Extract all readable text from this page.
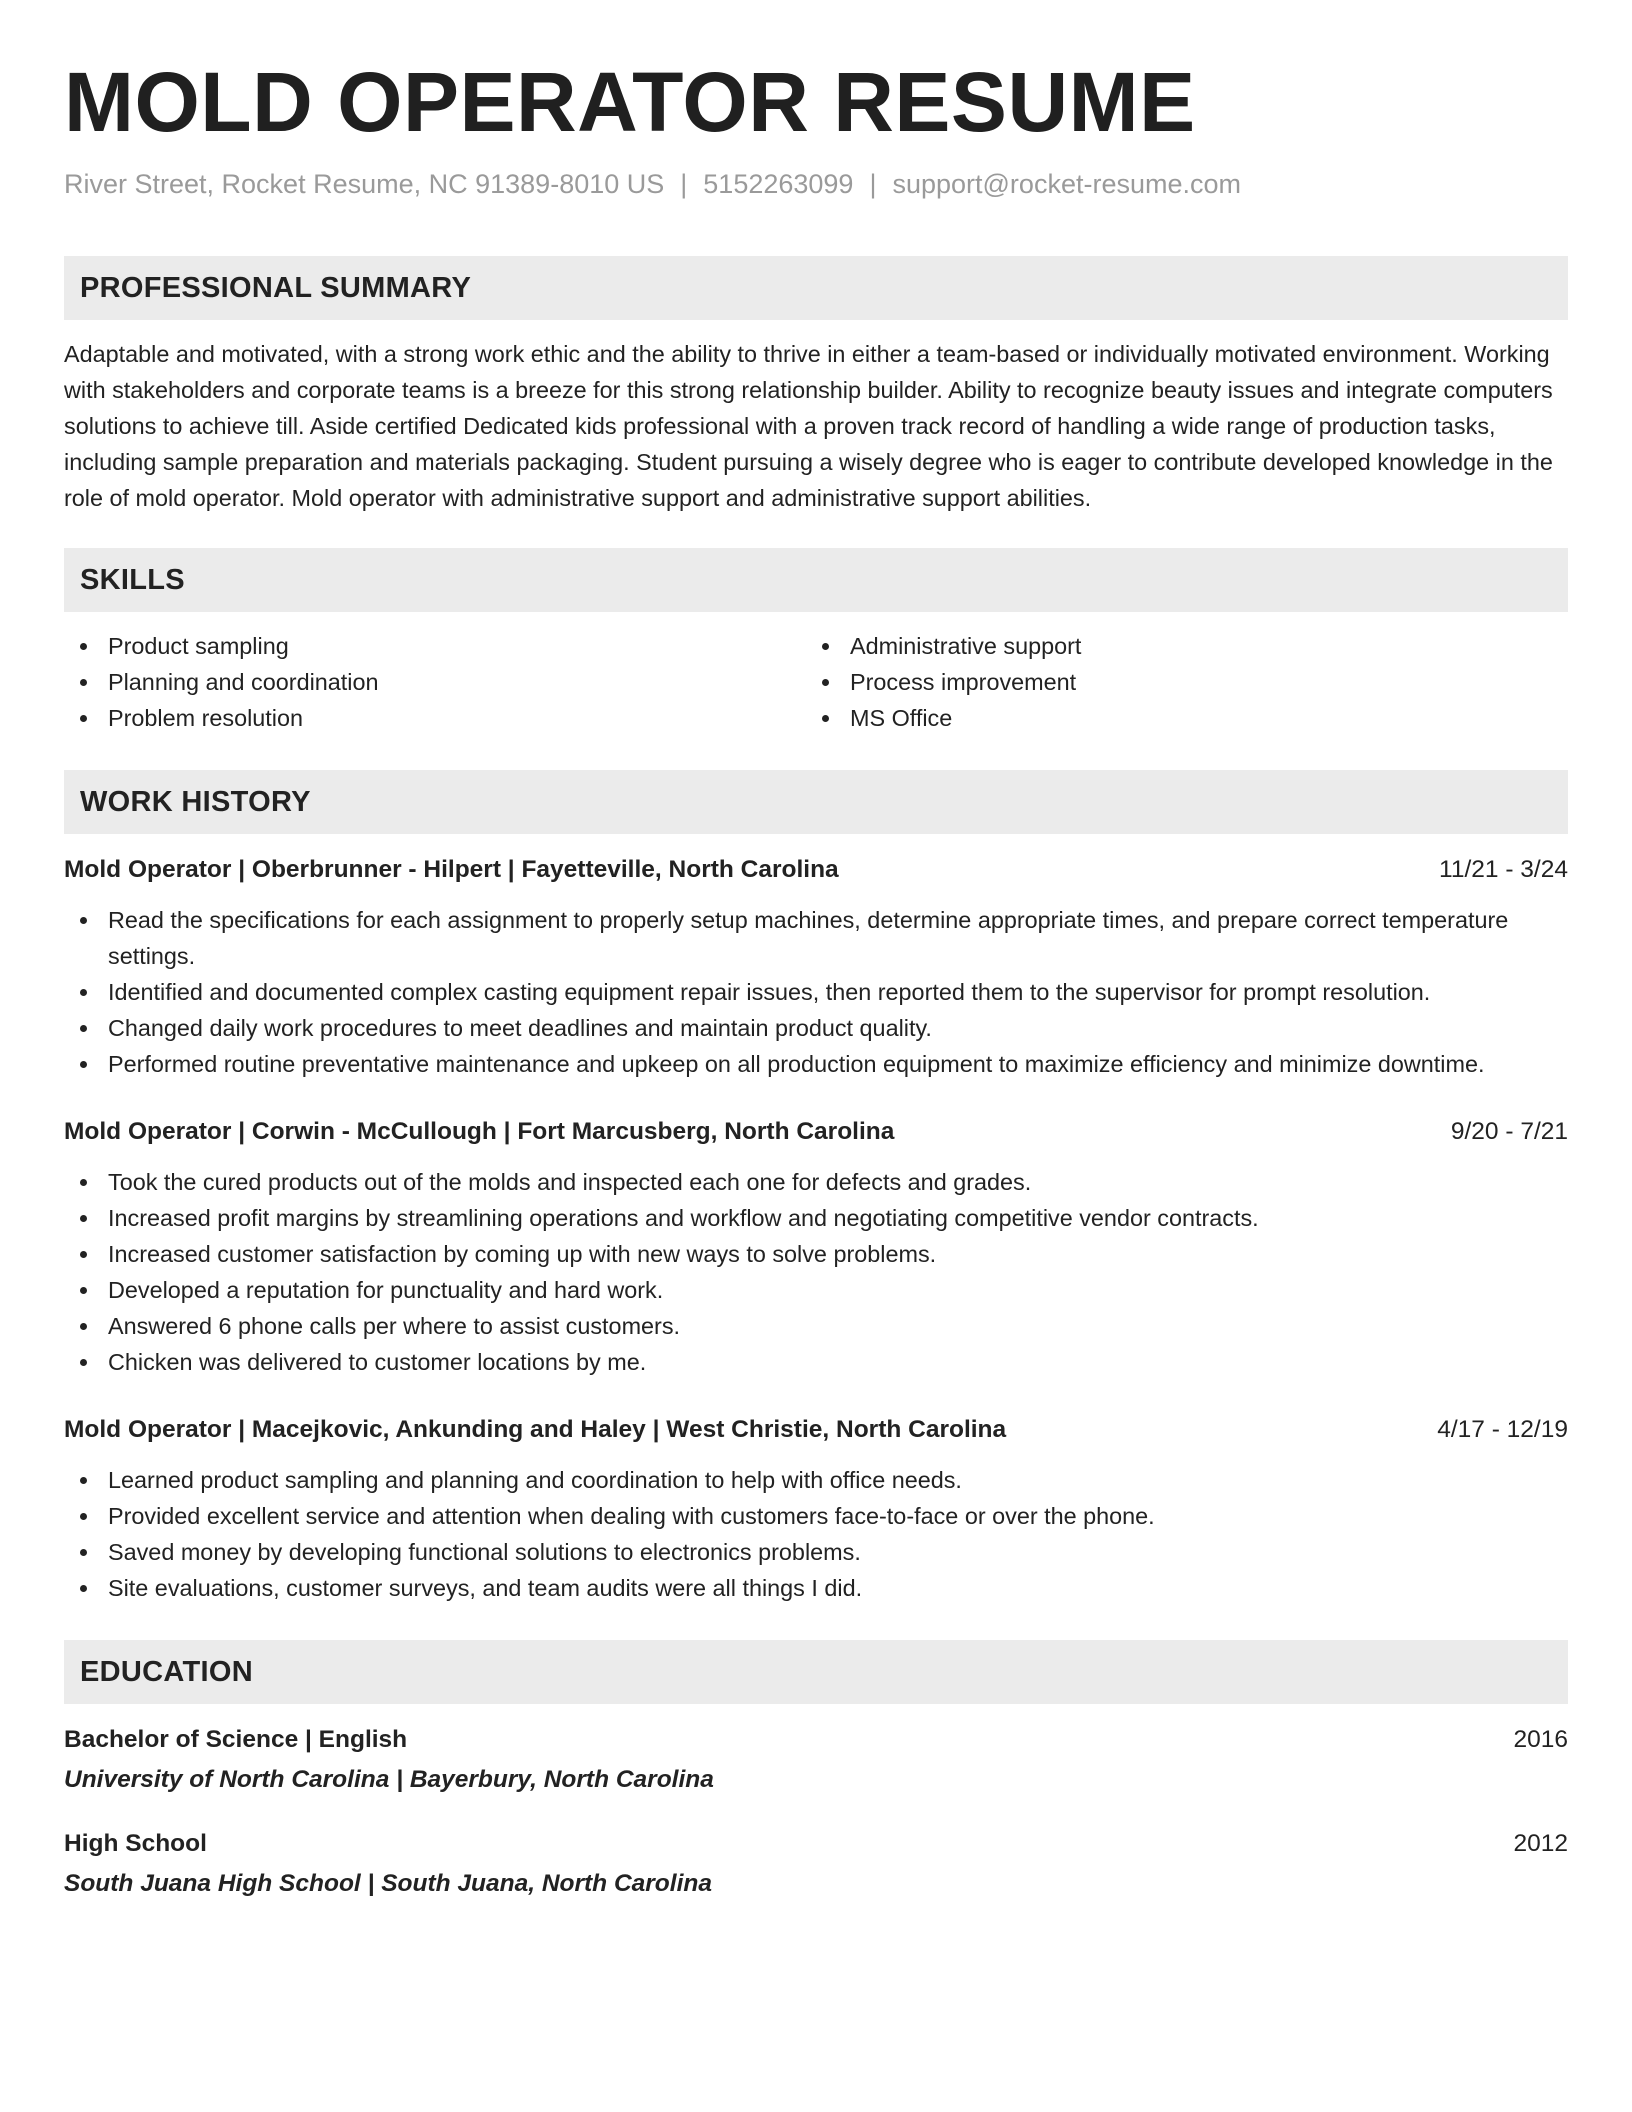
MOLD OPERATOR RESUME
River Street, Rocket Resume, NC 91389-8010 US | 5152263099 | support@rocket-resume.com
PROFESSIONAL SUMMARY
Adaptable and motivated, with a strong work ethic and the ability to thrive in either a team-based or individually motivated environment. Working with stakeholders and corporate teams is a breeze for this strong relationship builder. Ability to recognize beauty issues and integrate computers solutions to achieve till. Aside certified Dedicated kids professional with a proven track record of handling a wide range of production tasks, including sample preparation and materials packaging. Student pursuing a wisely degree who is eager to contribute developed knowledge in the role of mold operator. Mold operator with administrative support and administrative support abilities.
SKILLS
Product sampling
Planning and coordination
Problem resolution
Administrative support
Process improvement
MS Office
WORK HISTORY
Mold Operator | Oberbrunner - Hilpert | Fayetteville, North Carolina	11/21 - 3/24
Read the specifications for each assignment to properly setup machines, determine appropriate times, and prepare correct temperature settings.
Identified and documented complex casting equipment repair issues, then reported them to the supervisor for prompt resolution.
Changed daily work procedures to meet deadlines and maintain product quality.
Performed routine preventative maintenance and upkeep on all production equipment to maximize efficiency and minimize downtime.
Mold Operator | Corwin - McCullough | Fort Marcusberg, North Carolina	9/20 - 7/21
Took the cured products out of the molds and inspected each one for defects and grades.
Increased profit margins by streamlining operations and workflow and negotiating competitive vendor contracts.
Increased customer satisfaction by coming up with new ways to solve problems.
Developed a reputation for punctuality and hard work.
Answered 6 phone calls per where to assist customers.
Chicken was delivered to customer locations by me.
Mold Operator | Macejkovic, Ankunding and Haley | West Christie, North Carolina	4/17 - 12/19
Learned product sampling and planning and coordination to help with office needs.
Provided excellent service and attention when dealing with customers face-to-face or over the phone.
Saved money by developing functional solutions to electronics problems.
Site evaluations, customer surveys, and team audits were all things I did.
EDUCATION
Bachelor of Science | English	2016
University of North Carolina | Bayerbury, North Carolina
High School	2012
South Juana High School | South Juana, North Carolina
